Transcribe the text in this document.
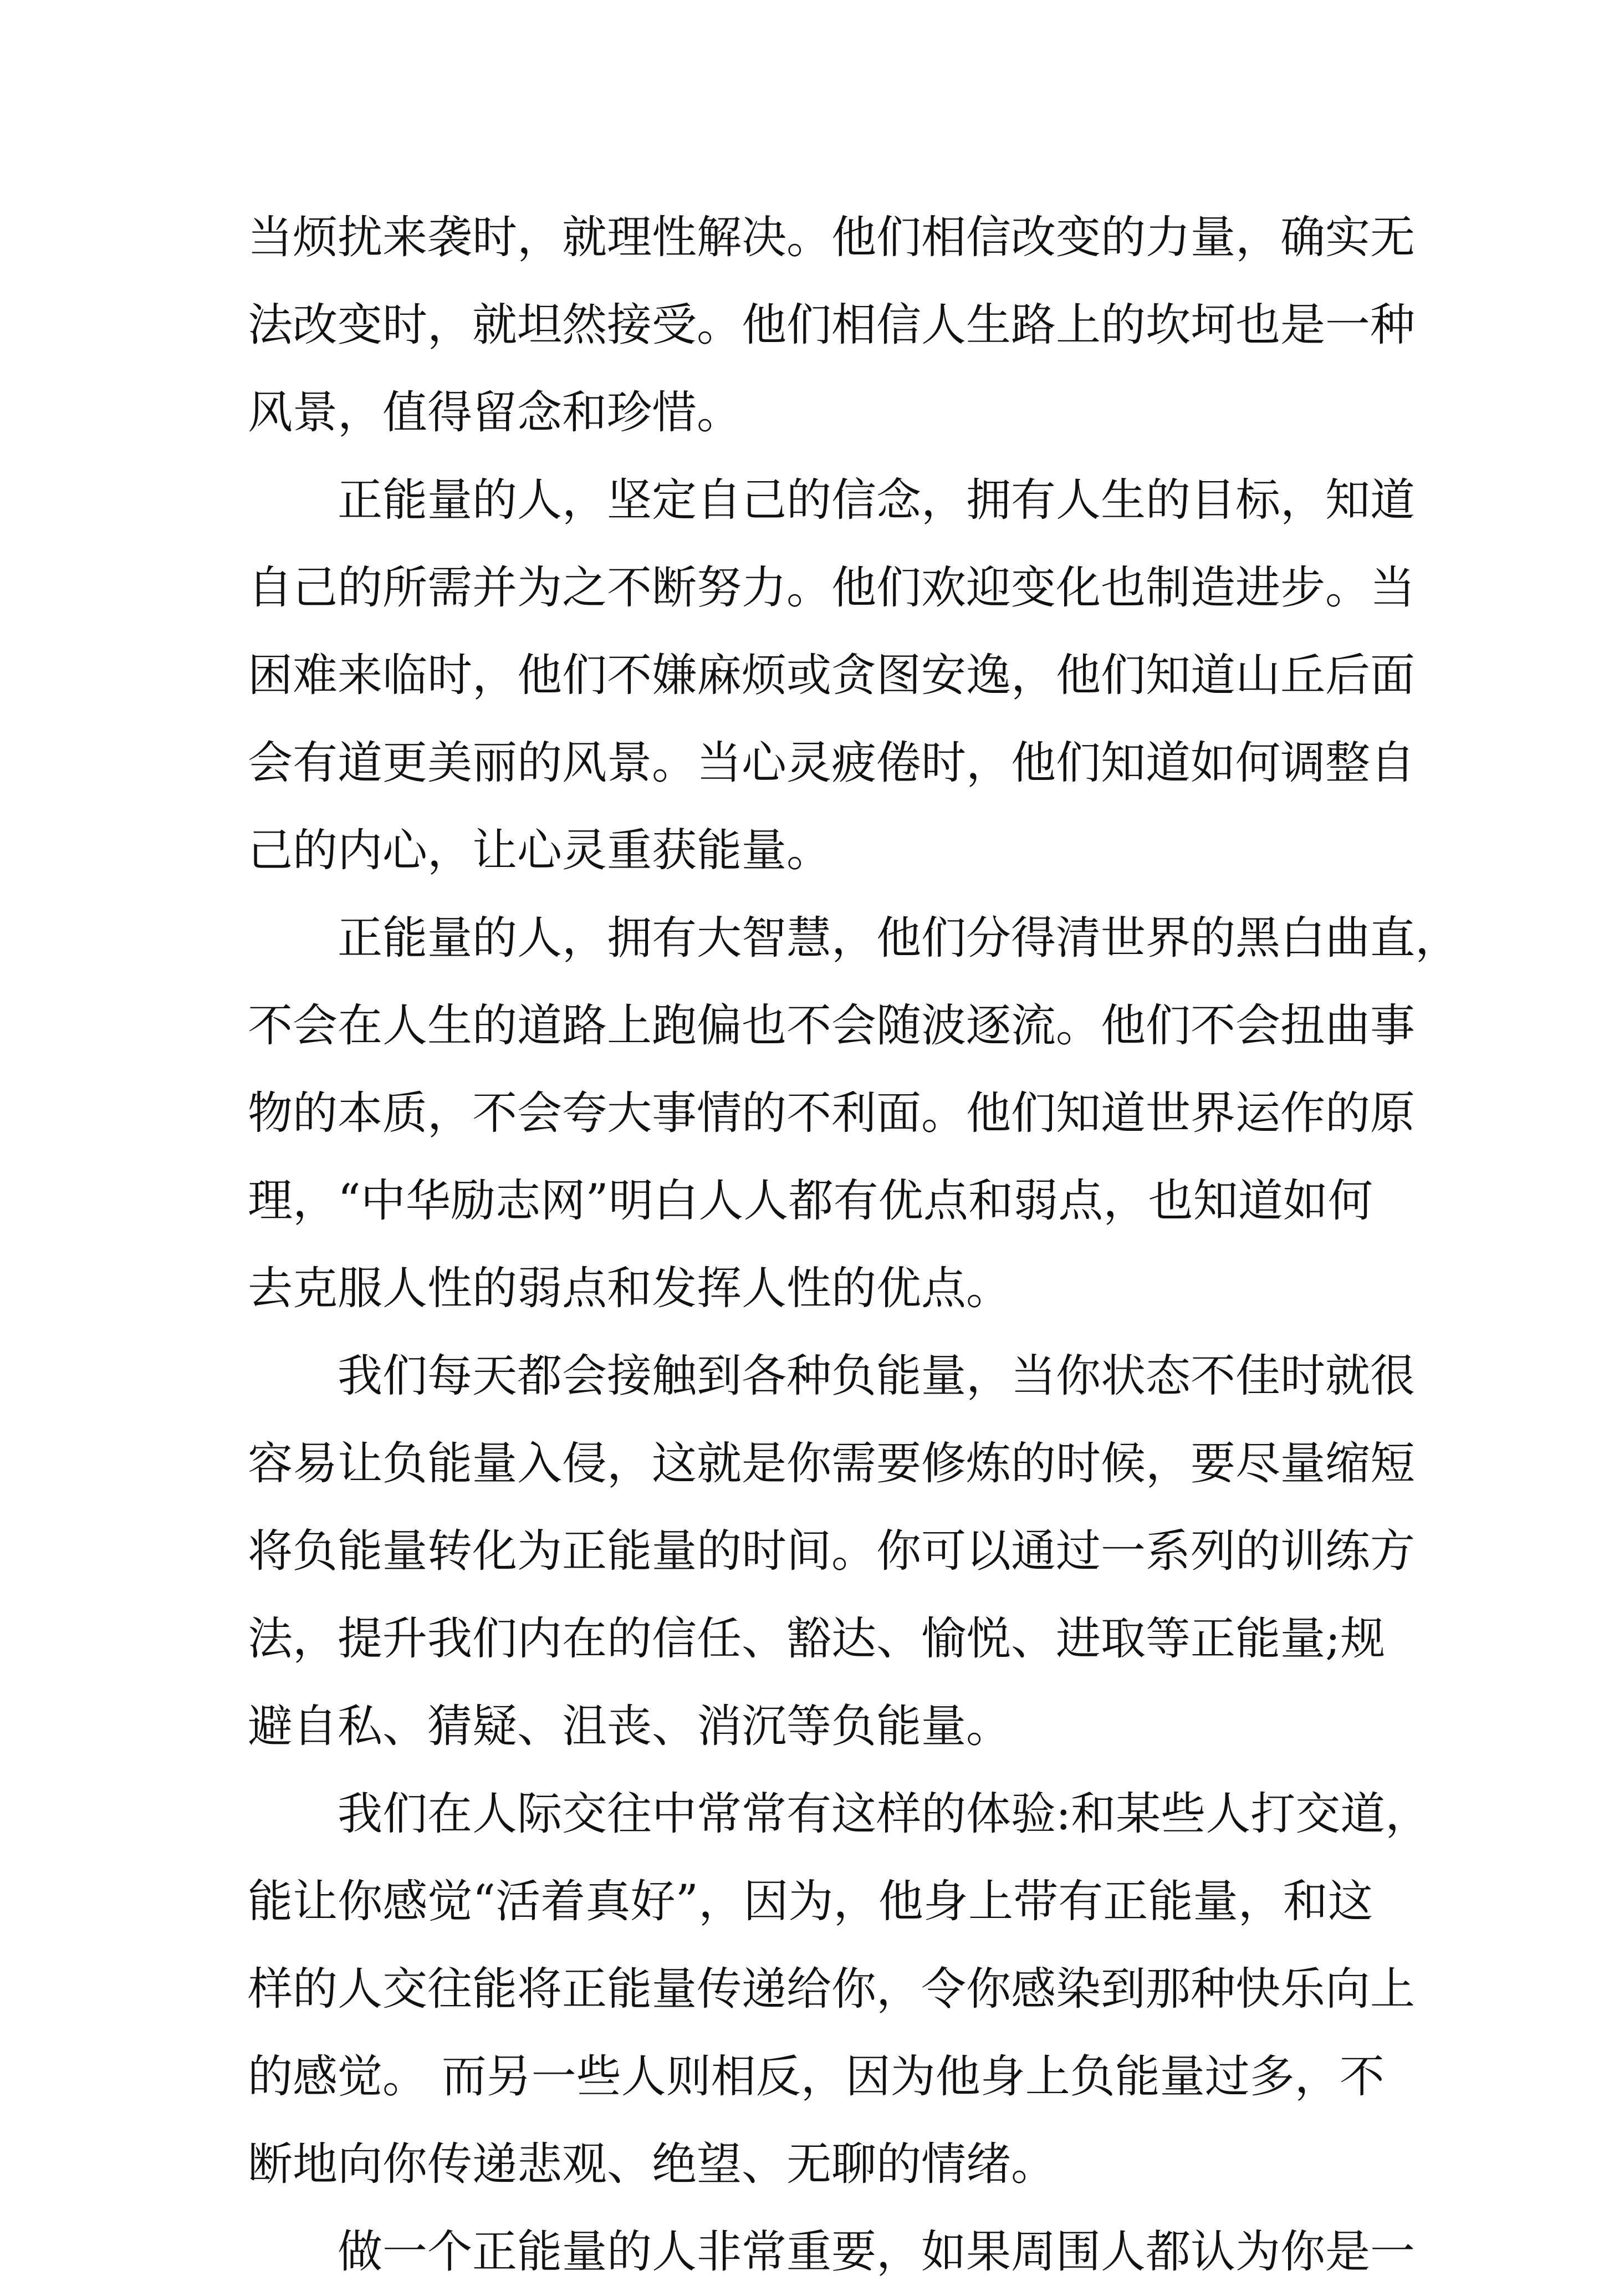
当烦扰来袭时，就理性解决。他们相信改变的力量，确实无
法改变时，就坦然接受。他们相信人生路上的坎坷也是一种
风景，值得留念和珍惜。
正能量的人，坚定自己的信念，拥有人生的目标，知道
自己的所需并为之不断努力。他们欢迎变化也制造进步。当
困难来临时，他们不嫌麻烦或贪图安逸，他们知道山丘后面
会有道更美丽的风景。当心灵疲倦时，他们知道如何调整自
己的内心，让心灵重获能量。
正能量的人，拥有大智慧，他们分得清世界的黑白曲直，
不会在人生的道路上跑偏也不会随波逐流。他们不会扭曲事
物的本质，不会夸大事情的不利面。他们知道世界运作的原
理，“中华励志网”明白人人都有优点和弱点，也知道如何
去克服人性的弱点和发挥人性的优点。
我们每天都会接触到各种负能量，当你状态不佳时就很
容易让负能量入侵，这就是你需要修炼的时候，要尽量缩短
将负能量转化为正能量的时间。你可以通过一系列的训练方
法，提升我们内在的信任、豁达、愉悦、进取等正能量;规
避自私、猜疑、沮丧、消沉等负能量。
我们在人际交往中常常有这样的体验:和某些人打交道，
能让你感觉“活着真好”，因为，他身上带有正能量，和这
样的人交往能将正能量传递给你，令你感染到那种快乐向上
的感觉。 而另一些人则相反，因为他身上负能量过多，不
断地向你传递悲观、绝望、无聊的情绪。
做一个正能量的人非常重要，如果周围人都认为你是一
